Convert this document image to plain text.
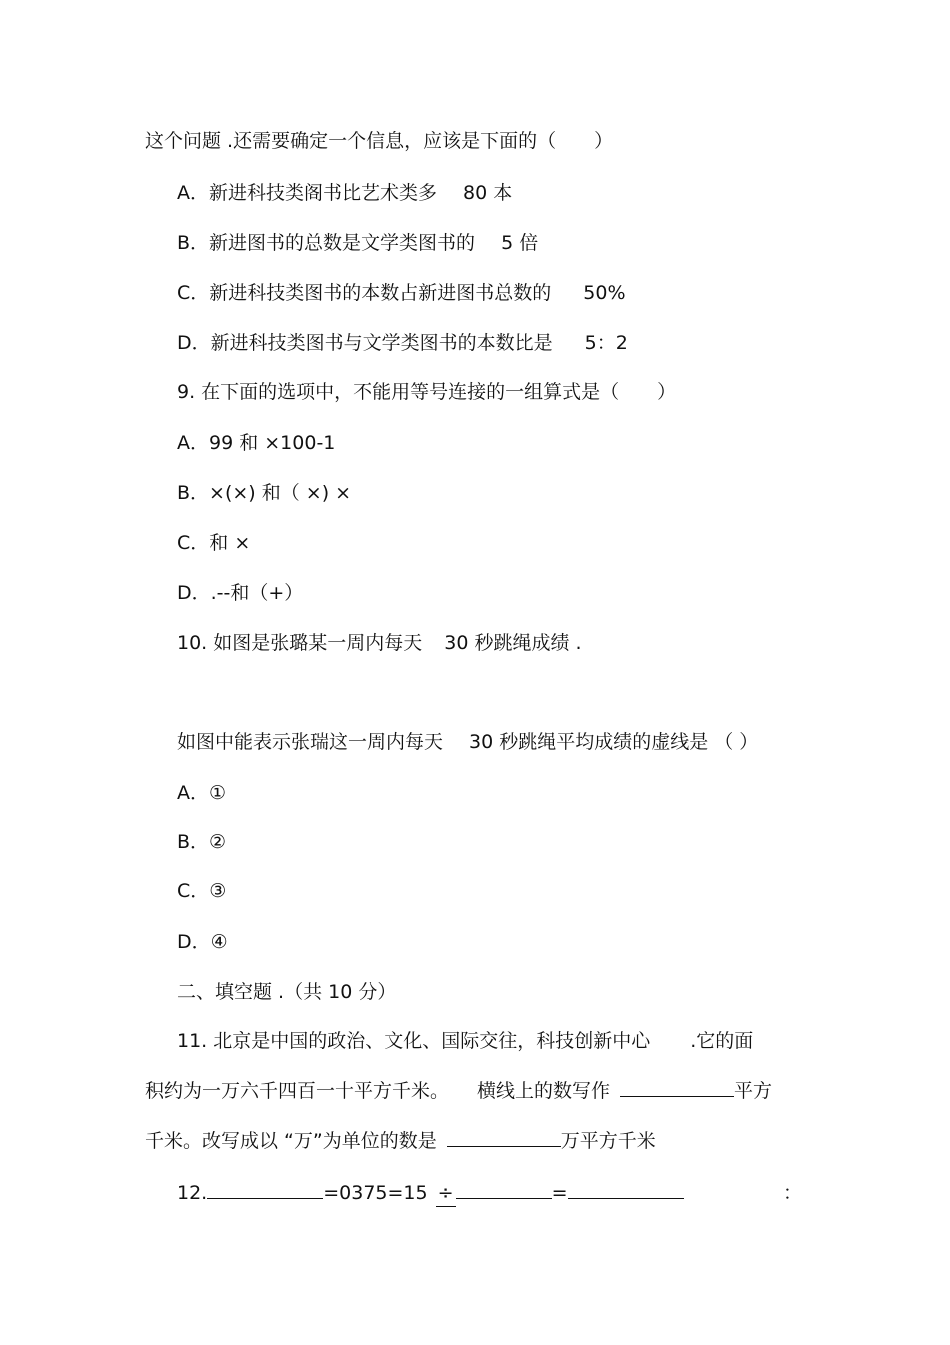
这个问题 .还需要确定一个信息，应该是下面的（　　）
A．新进科技类阁书比艺术类多 80 本
B．新进图书的总数是文学类图书的 5 倍
C．新进科技类图书的本数占新进图书总数的 50%
D．新进科技类图书与文学类图书的本数比是 5：2
9. 在下面的选项中，不能用等号连接的一组算式是（　　）
A．99 和 ×100-1
B．×(×) 和（ ×) ×
C．和 ×
D．.--和（+）
10. 如图是张璐某一周内每天 30 秒跳绳成绩 .
如图中能表示张瑞这一周内每天 30 秒跳绳平均成绩的虚线是 （ ）
A．①
B．②
C．③
D．④
二、填空题 .（共 10 分）
11. 北京是中国的政治、文化、国际交往，科技创新中心 .它的面
积约为一万六千四百一十平方千米。 横线上的数写作	平方
千米。改写成以 “万”为单位的数是	万平方千米
12.	=0375=15 ÷	=	：
